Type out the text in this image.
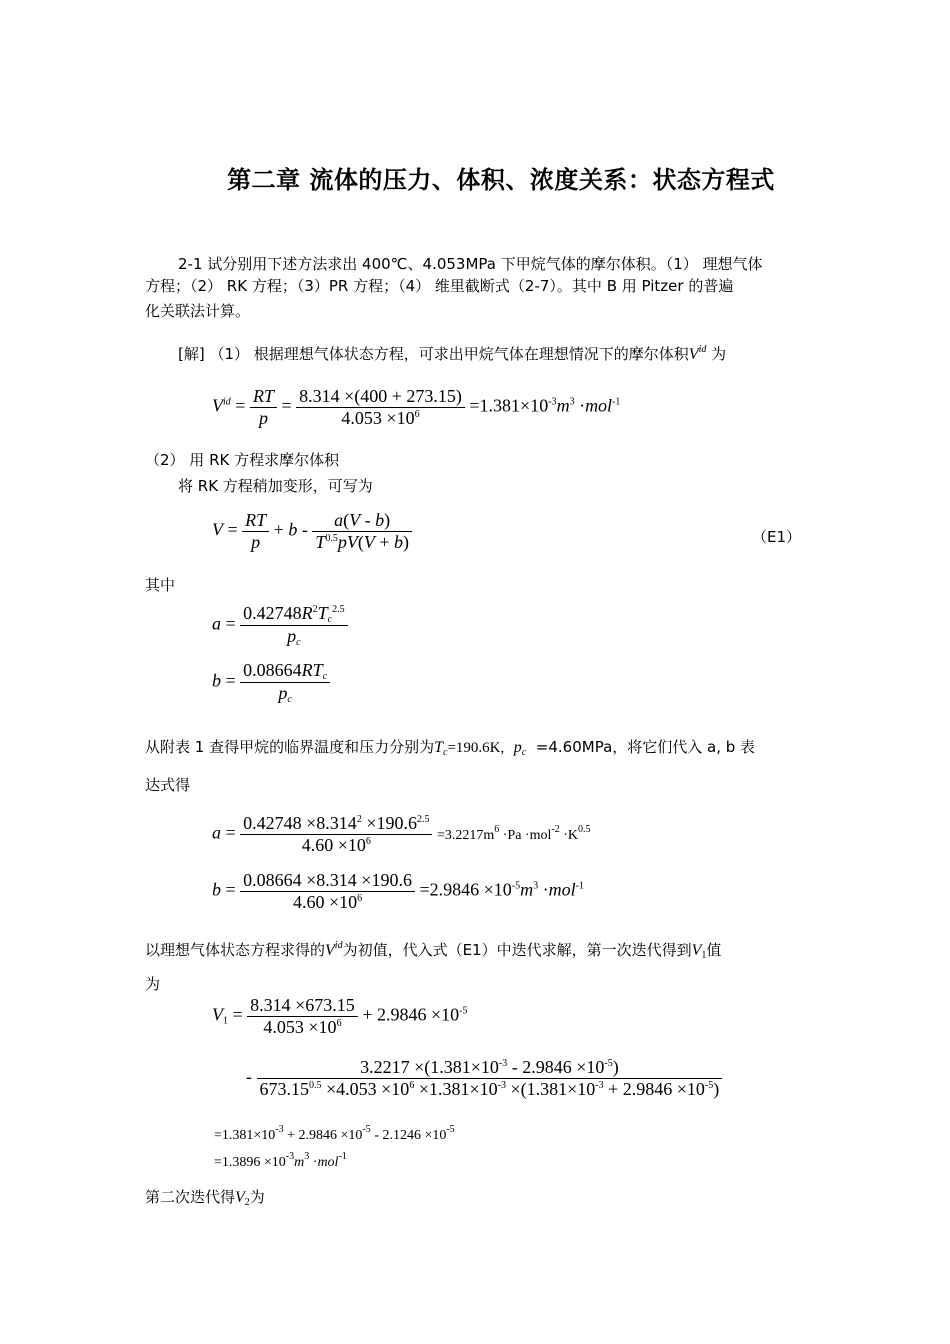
第二章 流体的压力、体积、浓度关系：状态方程式
2-1 试分别用下述方法求出 400℃、4.053MPa 下甲烷气体的摩尔体积。（1） 理想气体
方程；（2） RK 方程；（3）PR 方程；（4） 维里截断式（2-7）。其中 B 用 Pitzer 的普遍
化关联法计算。
[解] （1） 根据理想气体状态方程，可求出甲烷气体在理想情况下的摩尔体积$V^{id}$ 为
$V^{id} = \frac{RT}{p} = \frac{8.314 \times(400 + 273.15)}{4.053 \times 10^6} =1.381\times 10^{-3}m^3 \cdot mol^{-1}$
（2） 用 RK 方程求摩尔体积
将 RK 方程稍加变形，可写为
$V = \frac{RT}{p} + b - \frac{a(V - b)}{T^{0.5}pV(V + b)}$	（E1）
其中
$a = \frac{0.42748R^2T_c^{2.5}}{p_c}$
$b = \frac{0.08664RT_c}{p_c}$
从附表 1 查得甲烷的临界温度和压力分别为$T_c=190.6K$, $p_c =4.60MPa$，将它们代入 a, b 表
达式得
$a = \frac{0.42748 \times 8.314^2 \times 190.6^{2.5}}{4.60 \times 10^6} =3.2217m^6 \cdot Pa \cdot mol^{-2} \cdot K^{0.5}$
$b = \frac{0.08664 \times 8.314 \times 190.6}{4.60 \times 10^6} =2.9846 \times 10^{-5}m^3 \cdot mol^{-1}$
以理想气体状态方程求得的$V^{id}$为初值，代入式（E1）中迭代求解，第一次迭代得到$V_1$值
为
$V_1 = \frac{8.314 \times 673.15}{4.053 \times 10^6} + 2.9846 \times 10^{-5}$
-	$3.2217 \times(1.381\times 10^{-3} - 2.9846 \times 10^{-5})$
$673.15^{0.5} \times 4.053 \times 10^6 \times 1.381\times 10^{-3} \times(1.381\times 10^{-3} + 2.9846 \times 10^{-5})$
$=1.381\times 10^{-3} + 2.9846 \times 10^{-5} - 2.1246 \times 10^{-5}$
$=1.3896 \times 10^{-3}m^3 \cdot mol^{-1}$
第二次迭代得$V_2$为
